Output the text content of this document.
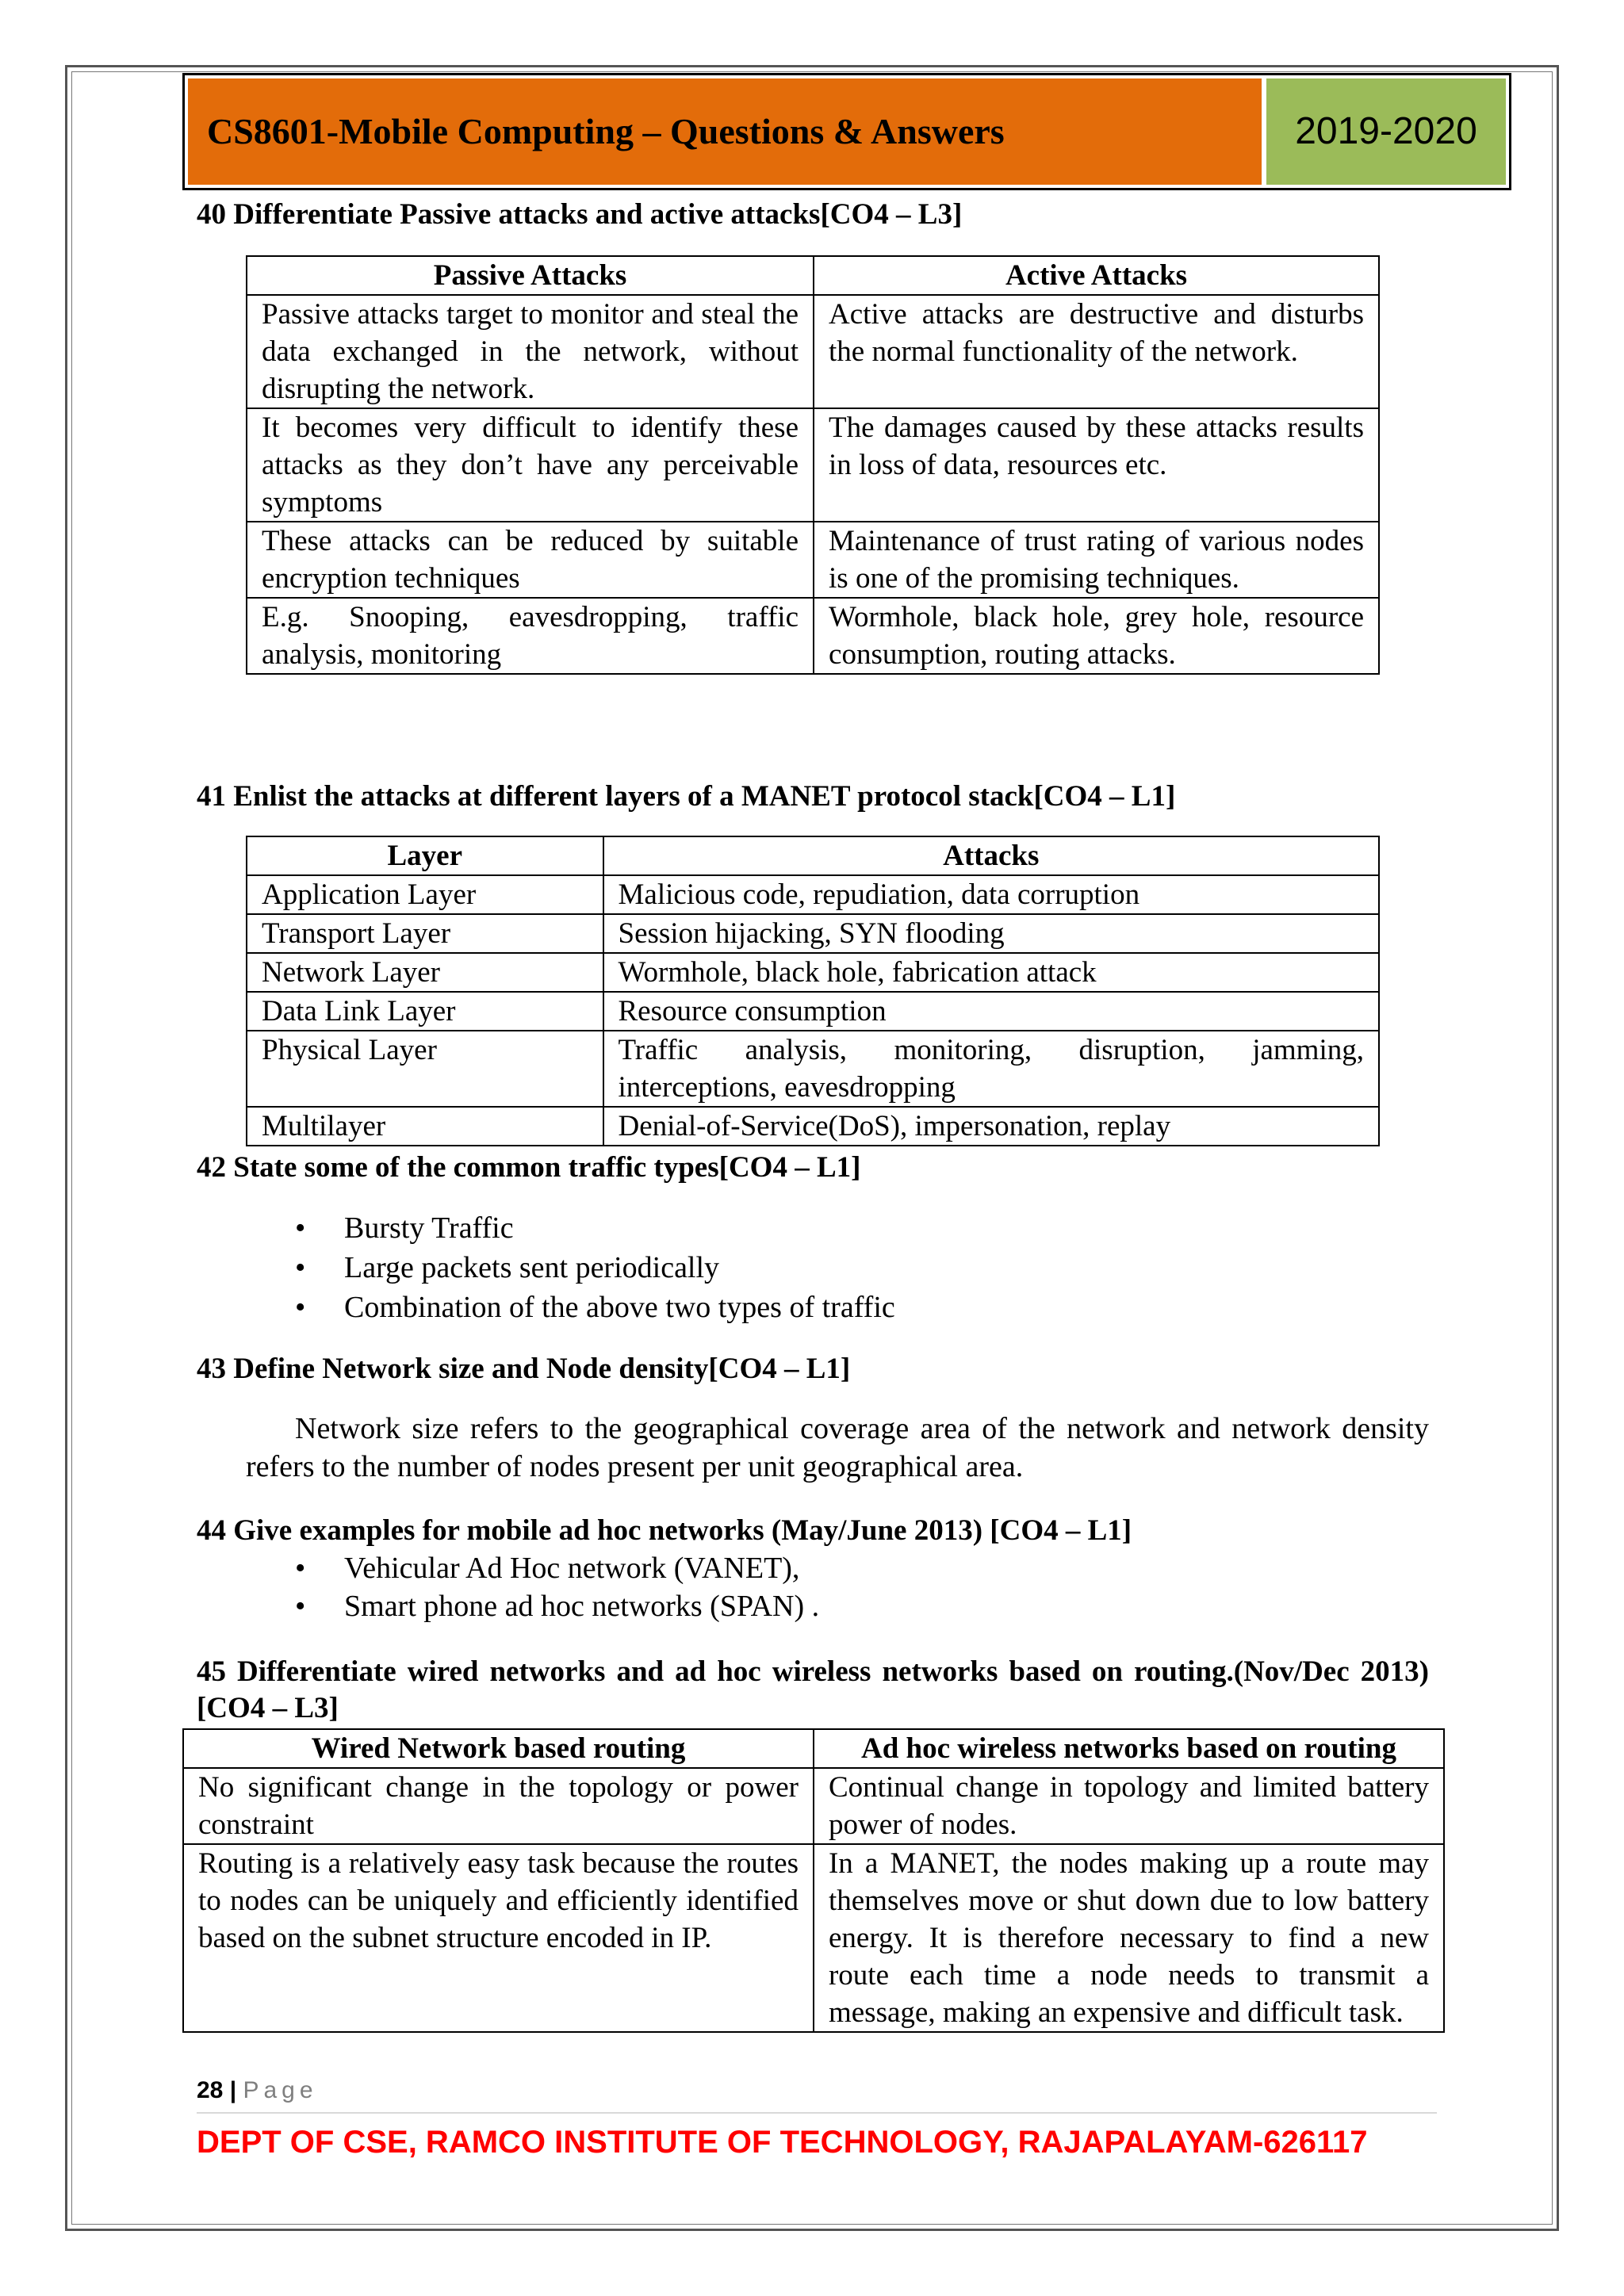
CS8601-Mobile Computing – Questions & Answers	2019-2020

40 Differentiate Passive attacks and active attacks[CO4 – L3]

Passive Attacks	Active Attacks
Passive attacks target to monitor and steal the data exchanged in the network, without disrupting the network.	Active attacks are destructive and disturbs the normal functionality of the network.
It becomes very difficult to identify these attacks as they don’t have any perceivable symptoms	The damages caused by these attacks results in loss of data, resources etc.
These attacks can be reduced by suitable encryption techniques	Maintenance of trust rating of various nodes is one of the promising techniques.
E.g. Snooping, eavesdropping, traffic analysis, monitoring	Wormhole, black hole, grey hole, resource consumption, routing attacks.

41 Enlist the attacks at different layers of a MANET protocol stack[CO4 – L1]

Layer	Attacks
Application Layer	Malicious code, repudiation, data corruption
Transport Layer	Session hijacking, SYN flooding
Network Layer	Wormhole, black hole, fabrication attack
Data Link Layer	Resource consumption
Physical Layer	Traffic analysis, monitoring, disruption, jamming, interceptions, eavesdropping
Multilayer	Denial-of-Service(DoS), impersonation, replay

42 State some of the common traffic types[CO4 – L1]

• Bursty Traffic
• Large packets sent periodically
• Combination of the above two types of traffic

43 Define Network size and Node density[CO4 – L1]

Network size refers to the geographical coverage area of the network and network density refers to the number of nodes present per unit geographical area.

44 Give examples for mobile ad hoc networks (May/June 2013) [CO4 – L1]

• Vehicular Ad Hoc network (VANET),
• Smart phone ad hoc networks (SPAN) .

45 Differentiate wired networks and ad hoc wireless networks based on routing.(Nov/Dec 2013) [CO4 – L3]

Wired Network based routing	Ad hoc wireless networks based on routing
No significant change in the topology or power constraint	Continual change in topology and limited battery power of nodes.
Routing is a relatively easy task because the routes to nodes can be uniquely and efficiently identified based on the subnet structure encoded in IP.	In a MANET, the nodes making up a route may themselves move or shut down due to low battery energy. It is therefore necessary to find a new route each time a node needs to transmit a message, making an expensive and difficult task.
28 | Page
DEPT OF CSE, RAMCO INSTITUTE OF TECHNOLOGY, RAJAPALAYAM-626117
